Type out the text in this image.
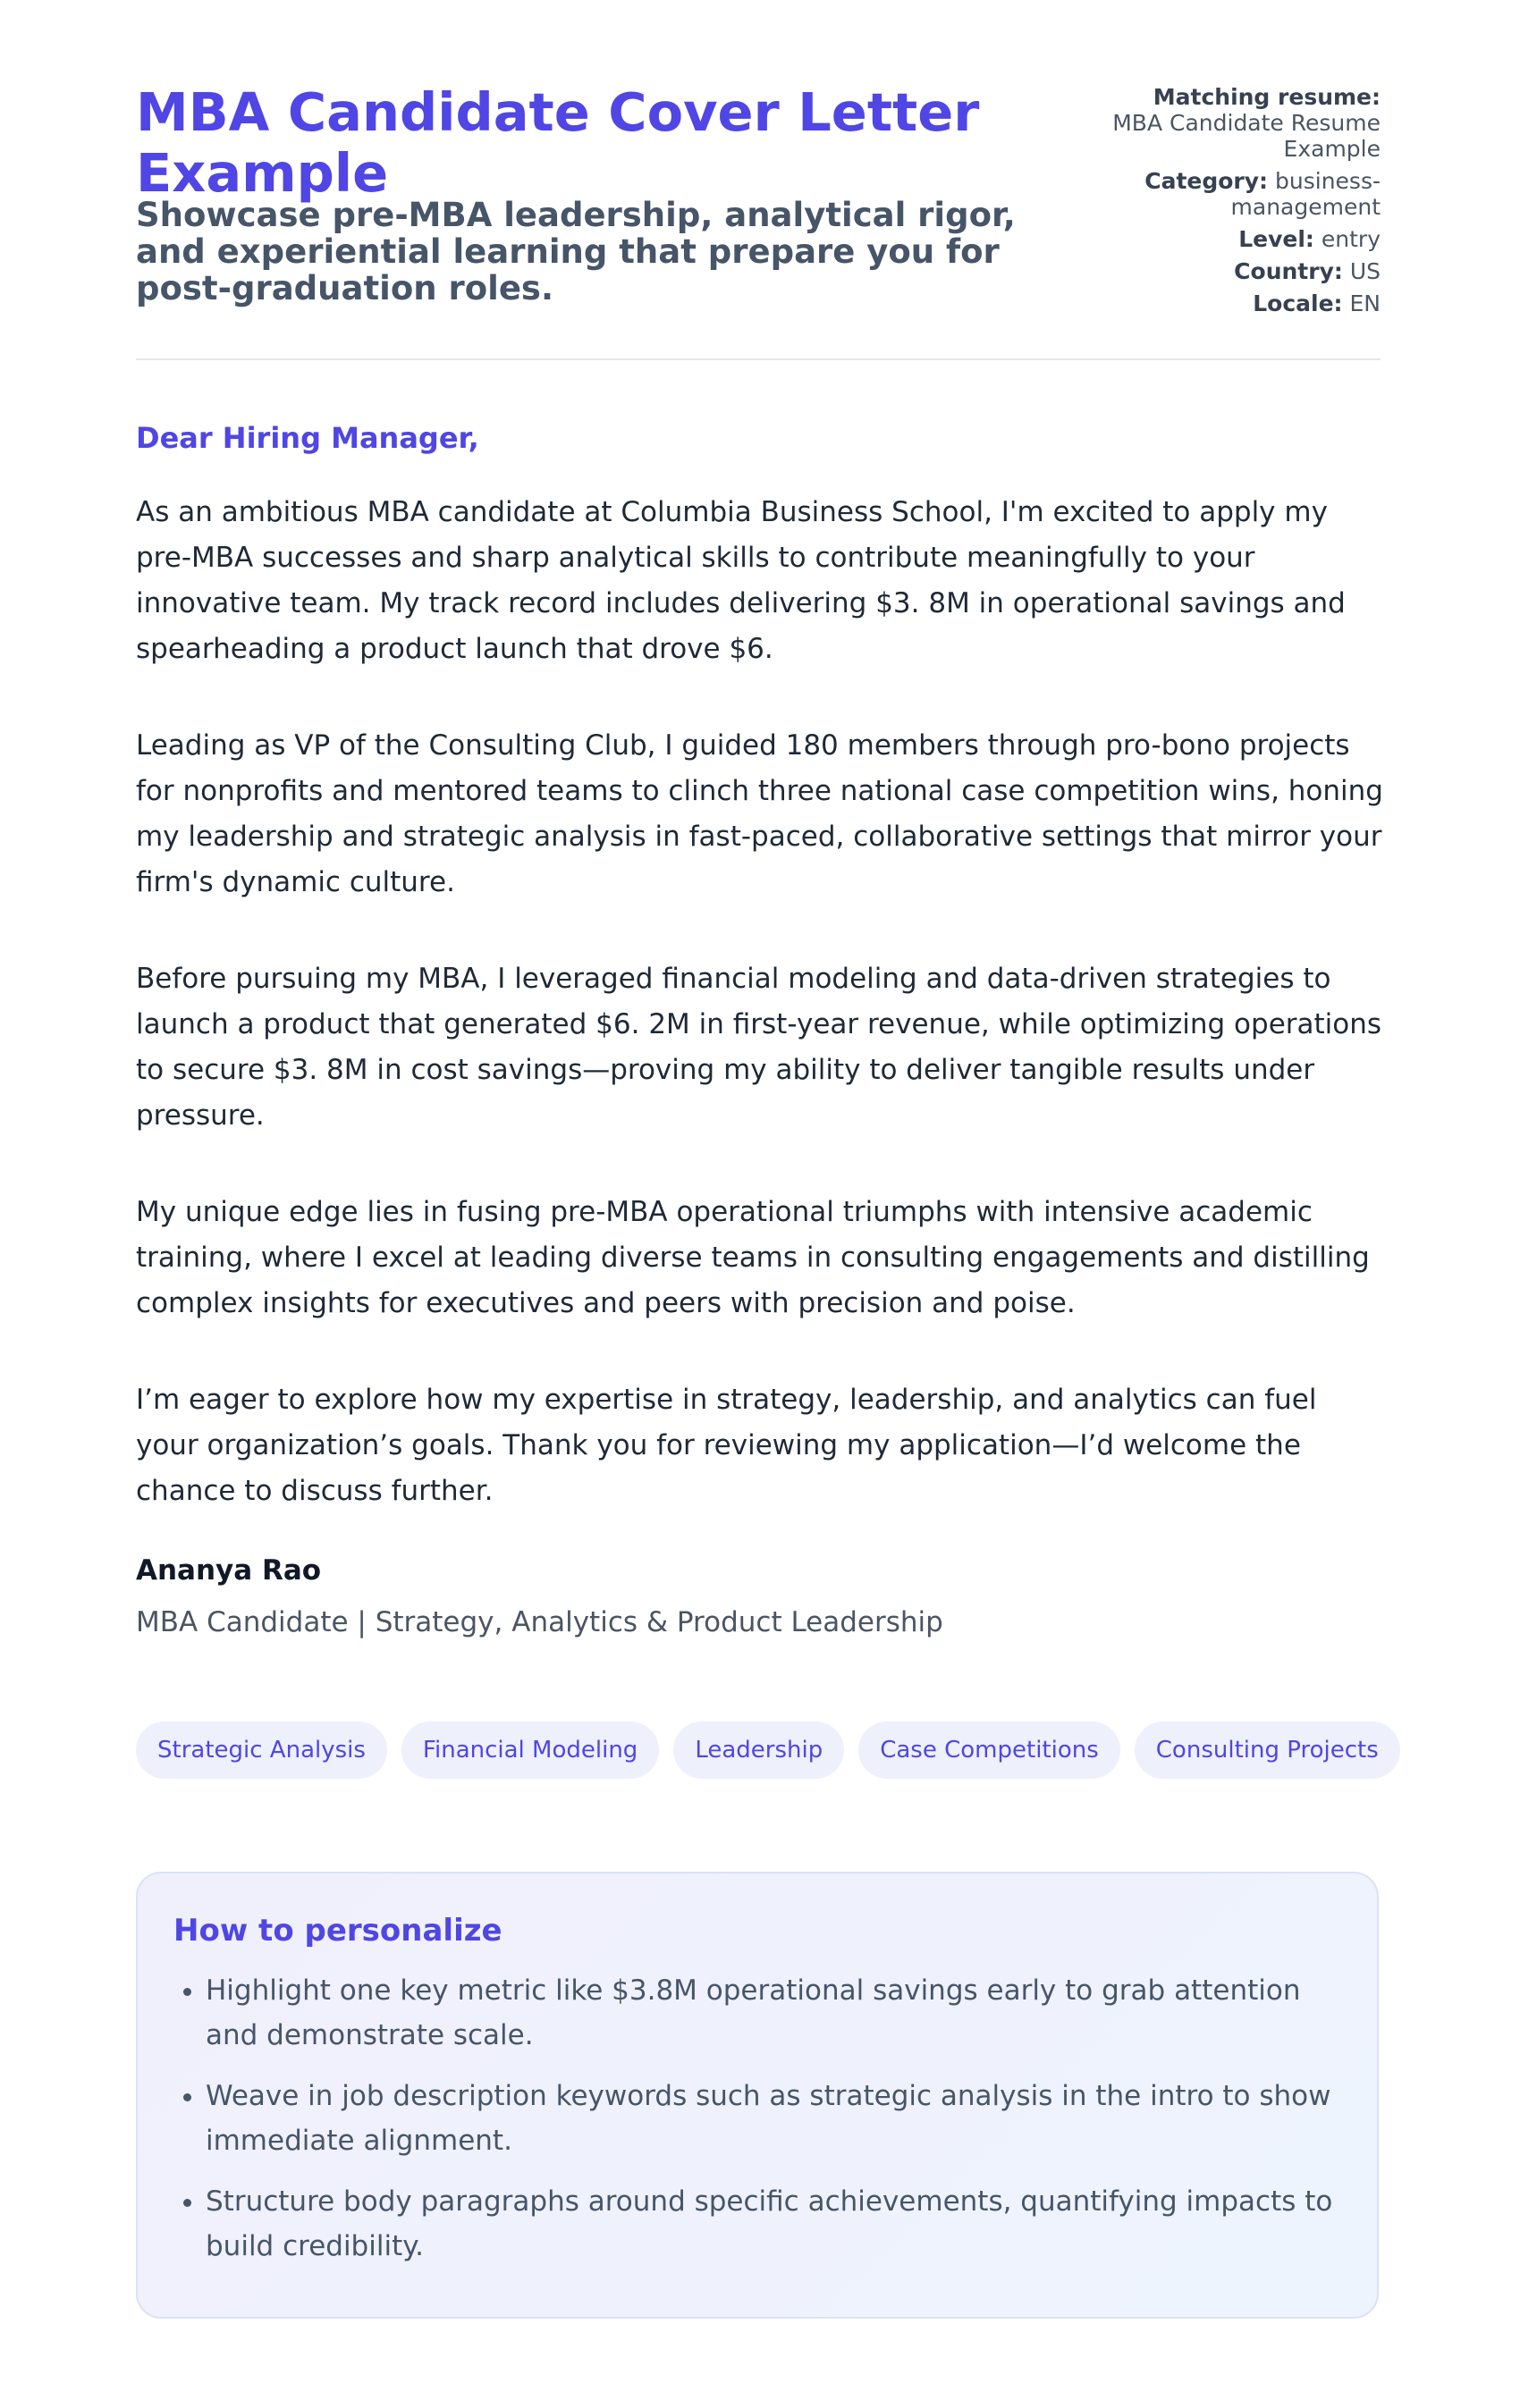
MBA Candidate Cover Letter Example
Showcase pre-MBA leadership, analytical rigor, and experiential learning that prepare you for post-graduation roles.
Matching resume:
MBA Candidate Resume Example
Category: business-management
Level: entry
Country: US
Locale: EN
Dear Hiring Manager,

As an ambitious MBA candidate at Columbia Business School, I'm excited to apply my pre-MBA successes and sharp analytical skills to contribute meaningfully to your innovative team. My track record includes delivering $3. 8M in operational savings and spearheading a product launch that drove $6.

Leading as VP of the Consulting Club, I guided 180 members through pro-bono projects for nonprofits and mentored teams to clinch three national case competition wins, honing my leadership and strategic analysis in fast-paced, collaborative settings that mirror your firm's dynamic culture.

Before pursuing my MBA, I leveraged financial modeling and data-driven strategies to launch a product that generated $6. 2M in first-year revenue, while optimizing operations to secure $3. 8M in cost savings—proving my ability to deliver tangible results under pressure.

My unique edge lies in fusing pre-MBA operational triumphs with intensive academic training, where I excel at leading diverse teams in consulting engagements and distilling complex insights for executives and peers with precision and poise.

I’m eager to explore how my expertise in strategy, leadership, and analytics can fuel your organization’s goals. Thank you for reviewing my application—I’d welcome the chance to discuss further.

Ananya Rao
MBA Candidate | Strategy, Analytics & Product Leadership
Strategic Analysis	Financial Modeling	Leadership	Case Competitions	Consulting Projects
How to personalize
• Highlight one key metric like $3.8M operational savings early to grab attention and demonstrate scale.
• Weave in job description keywords such as strategic analysis in the intro to show immediate alignment.
• Structure body paragraphs around specific achievements, quantifying impacts to build credibility.
